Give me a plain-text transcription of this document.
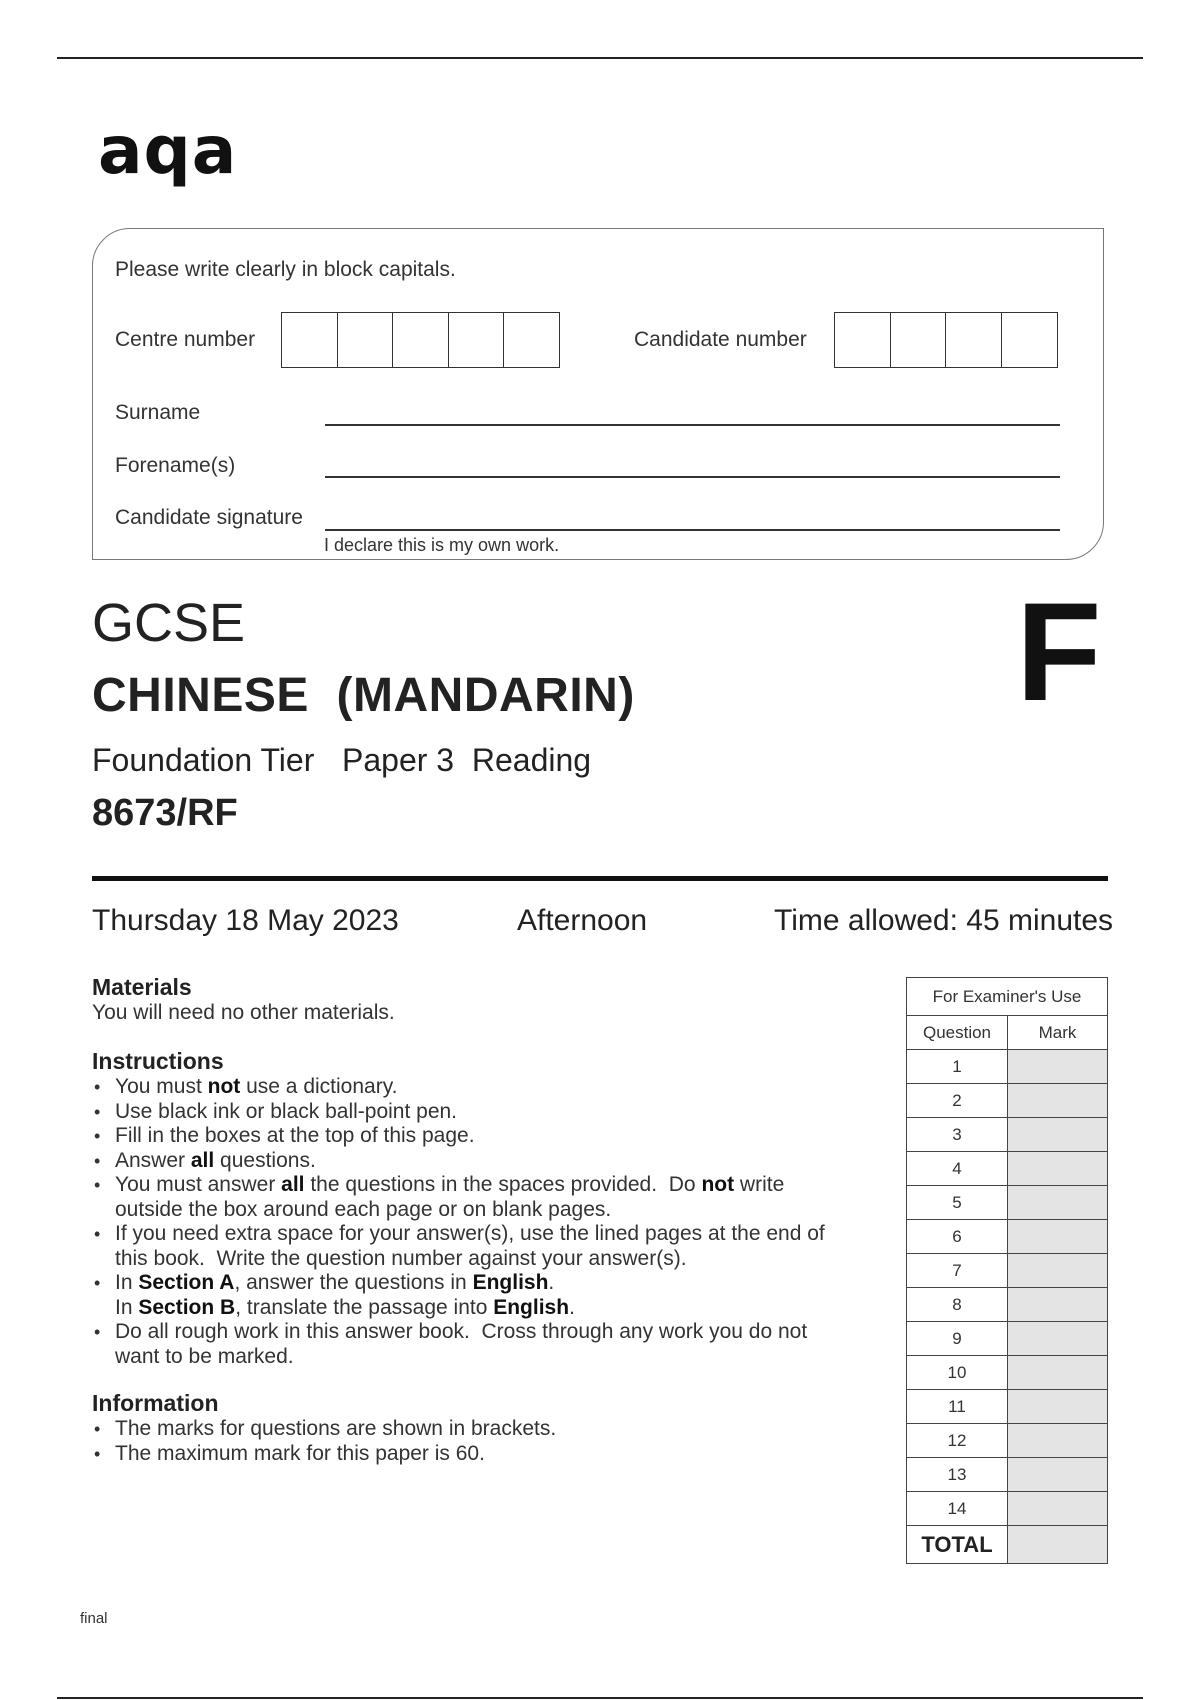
aqa
Please write clearly in block capitals.
Centre number	Candidate number
Surname
Forename(s)
Candidate signature
I declare this is my own work.
GCSE
CHINESE  (MANDARIN)
Foundation Tier Paper 3  Reading
8673/RF
F
Thursday 18 May 2023	Afternoon	Time allowed: 45 minutes
Materials
You will need no other materials.
Instructions
• You must not use a dictionary.
• Use black ink or black ball-point pen.
• Fill in the boxes at the top of this page.
• Answer all questions.
• You must answer all the questions in the spaces provided.  Do not write
outside the box around each page or on blank pages.
• If you need extra space for your answer(s), use the lined pages at the end of
this book.  Write the question number against your answer(s).
• In Section A, answer the questions in English.
In Section B, translate the passage into English.
• Do all rough work in this answer book.  Cross through any work you do not
want to be marked.
Information
• The marks for questions are shown in brackets.
• The maximum mark for this paper is 60.
For Examiner's Use	
Question	Mark
1	
2	
3	
4	
5	
6	
7	
8	
9	
10	
11	
12	
13	
14	
TOTAL	
final
